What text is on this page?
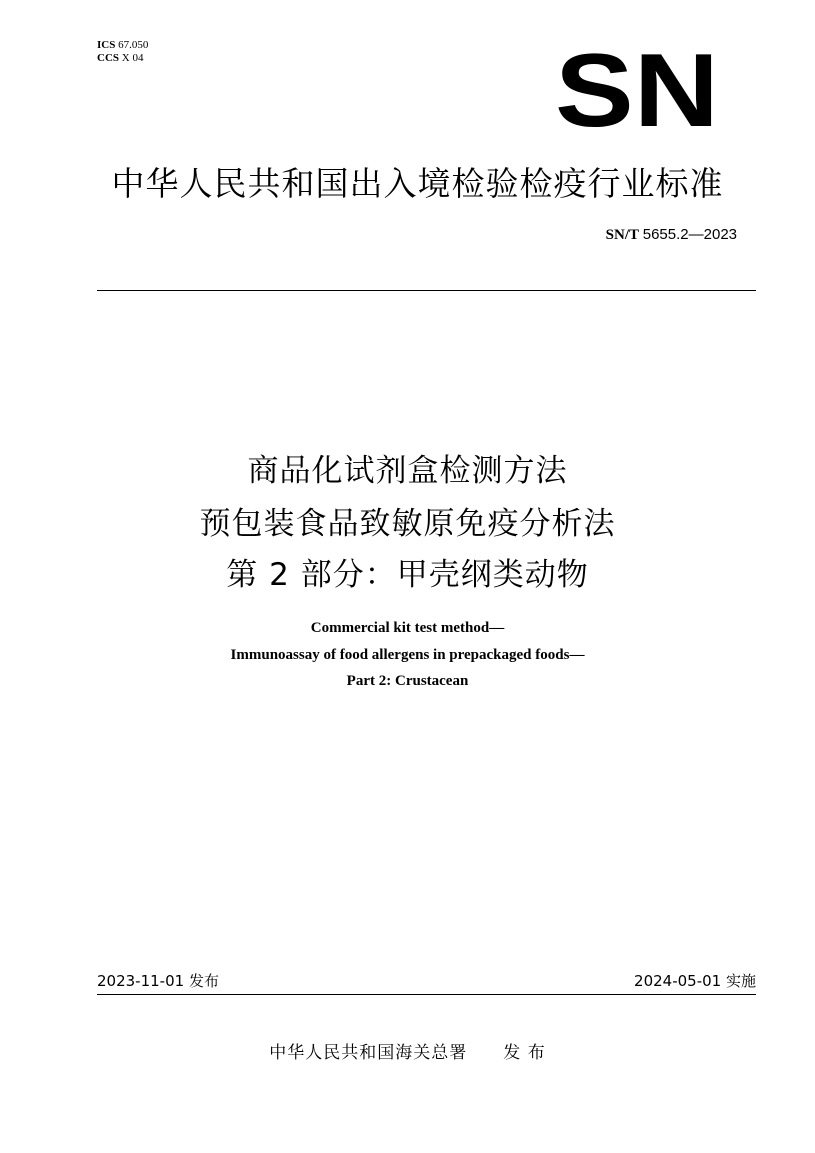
ICS 67.050
CCS X 04	SN
中华人民共和国出入境检验检疫行业标准
SN/T 5655.2—2023
商品化试剂盒检测方法
预包装食品致敏原免疫分析法
第 2 部分：甲壳纲类动物
Commercial kit test method—
Immunoassay of food allergens in prepackaged foods—
Part 2: Crustacean
2023-11-01 发布	2024-05-01 实施
中华人民共和国海关总署 发 布
